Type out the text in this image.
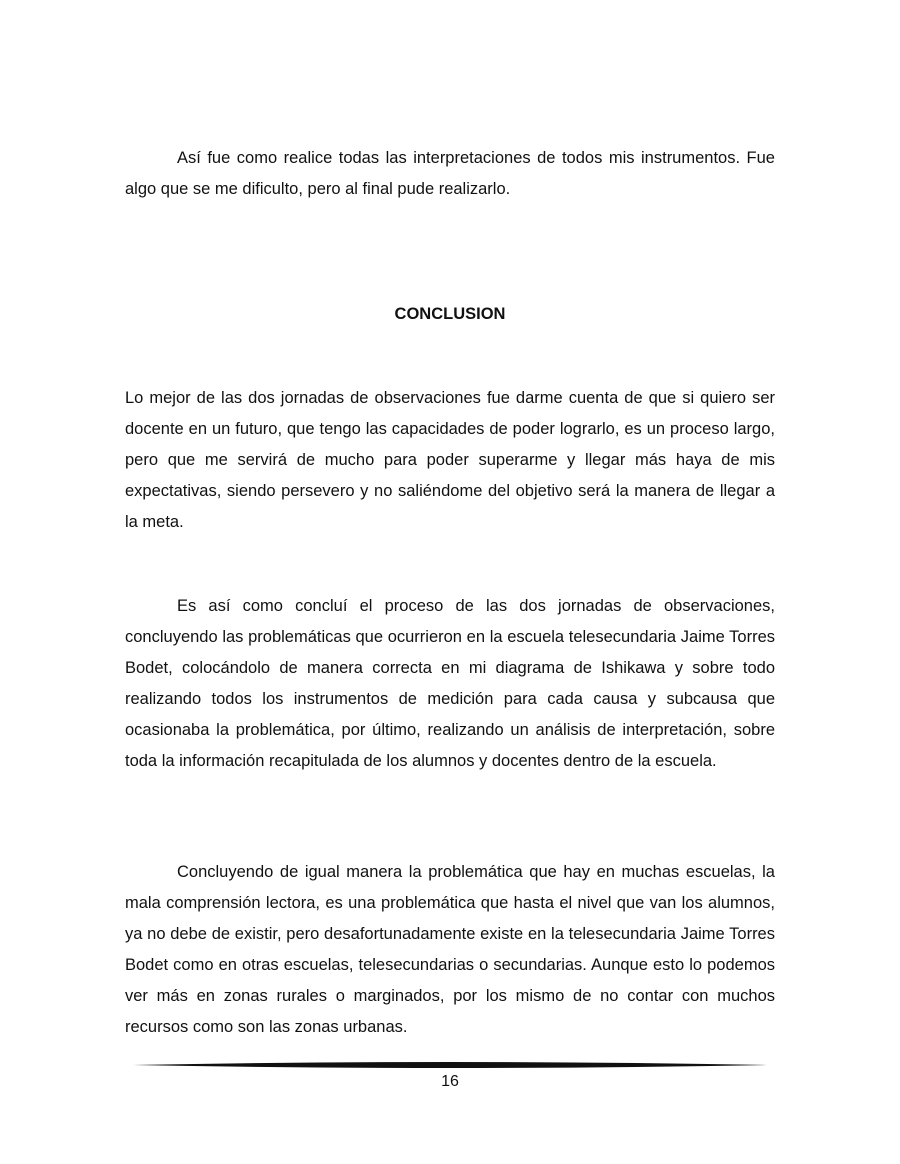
Así fue como realice todas las interpretaciones de todos mis instrumentos. Fue algo que se me dificulto, pero al final pude realizarlo.

CONCLUSION

Lo mejor de las dos jornadas de observaciones fue darme cuenta de que si quiero ser docente en un futuro, que tengo las capacidades de poder lograrlo, es un proceso largo, pero que me servirá de mucho para poder superarme y llegar más haya de mis expectativas, siendo persevero y no saliéndome del objetivo será la manera de llegar a la meta.

Es así como concluí el proceso de las dos jornadas de observaciones, concluyendo las problemáticas que ocurrieron en la escuela telesecundaria Jaime Torres Bodet, colocándolo de manera correcta en mi diagrama de Ishikawa y sobre todo realizando todos los instrumentos de medición para cada causa y subcausa que ocasionaba la problemática, por último, realizando un análisis de interpretación, sobre toda la información recapitulada de los alumnos y docentes dentro de la escuela.

Concluyendo de igual manera la problemática que hay en muchas escuelas, la mala comprensión lectora, es una problemática que hasta el nivel que van los alumnos, ya no debe de existir, pero desafortunadamente existe en la telesecundaria Jaime Torres Bodet como en otras escuelas, telesecundarias o secundarias. Aunque esto lo podemos ver más en zonas rurales o marginados, por los mismo de no contar con muchos recursos como son las zonas urbanas.

16
